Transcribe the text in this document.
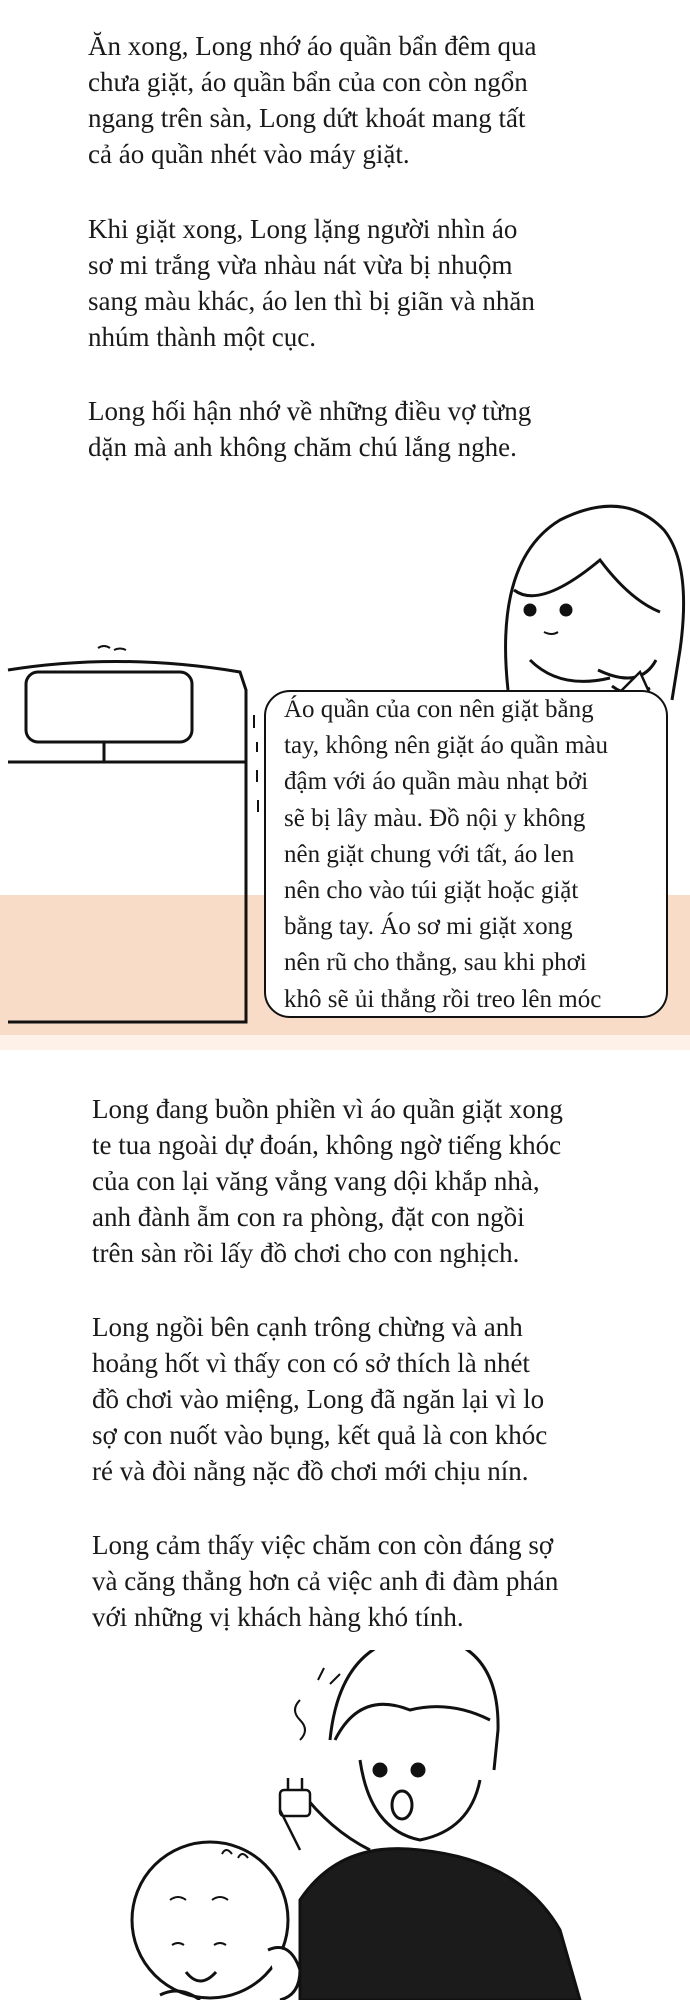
Ăn xong, Long nhớ áo quần bẩn đêm qua
chưa giặt, áo quần bẩn của con còn ngổn
ngang trên sàn, Long dứt khoát mang tất
cả áo quần nhét vào máy giặt.
Khi giặt xong, Long lặng người nhìn áo
sơ mi trắng vừa nhàu nát vừa bị nhuộm
sang màu khác, áo len thì bị giãn và nhăn
nhúm thành một cục.
Long hối hận nhớ về những điều vợ từng
dặn mà anh không chăm chú lắng nghe.
Áo quần của con nên giặt bằng
tay, không nên giặt áo quần màu
đậm với áo quần màu nhạt bởi
sẽ bị lây màu. Đồ nội y không
nên giặt chung với tất, áo len
nên cho vào túi giặt hoặc giặt
bằng tay. Áo sơ mi giặt xong
nên rũ cho thẳng, sau khi phơi
khô sẽ ủi thẳng rồi treo lên móc
Long đang buồn phiền vì áo quần giặt xong
te tua ngoài dự đoán, không ngờ tiếng khóc
của con lại văng vẳng vang dội khắp nhà,
anh đành ẵm con ra phòng, đặt con ngồi
trên sàn rồi lấy đồ chơi cho con nghịch.
Long ngồi bên cạnh trông chừng và anh
hoảng hốt vì thấy con có sở thích là nhét
đồ chơi vào miệng, Long đã ngăn lại vì lo
sợ con nuốt vào bụng, kết quả là con khóc
ré và đòi nằng nặc đồ chơi mới chịu nín.
Long cảm thấy việc chăm con còn đáng sợ
và căng thẳng hơn cả việc anh đi đàm phán
với những vị khách hàng khó tính.
